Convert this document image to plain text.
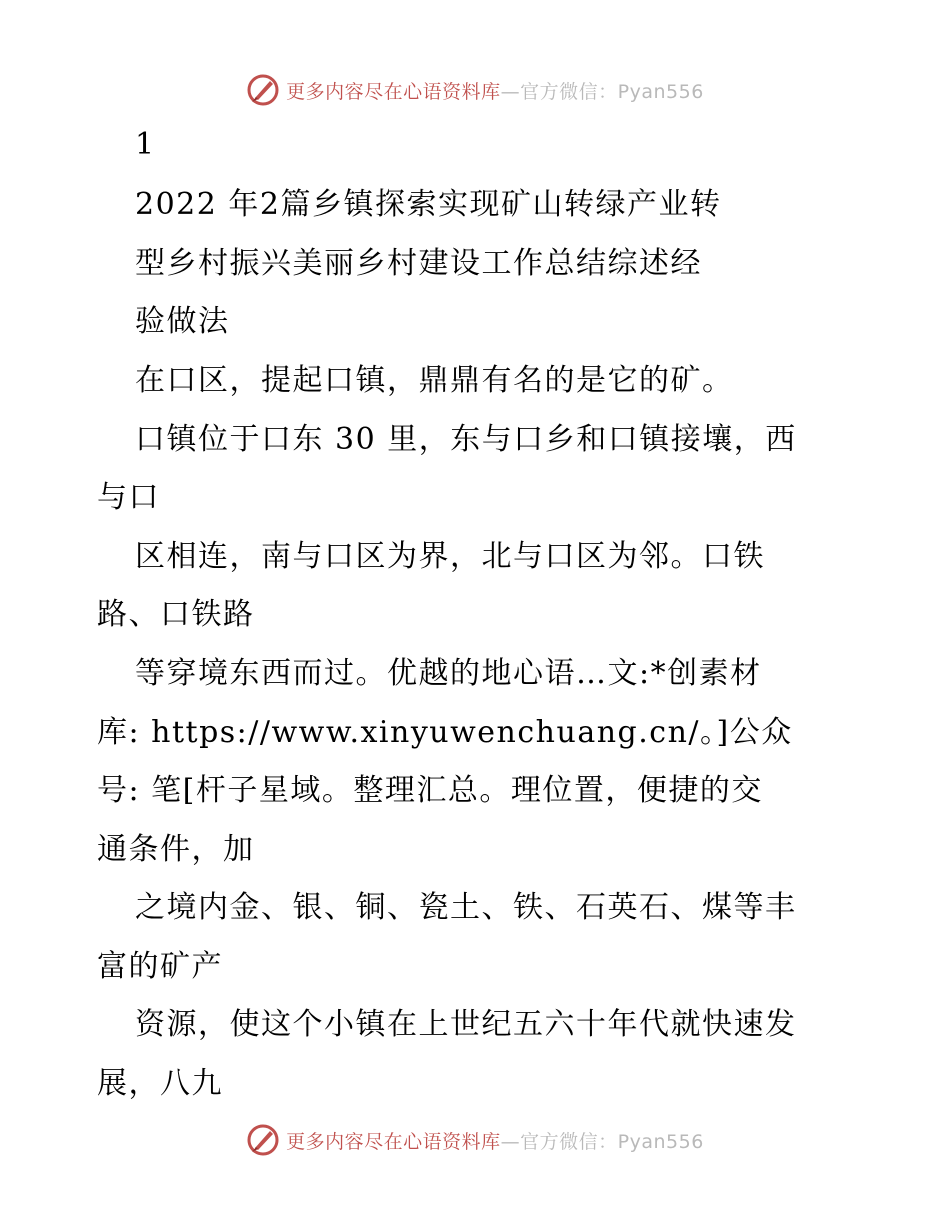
更多内容尽在心语资料库—官方微信：Pyan556
1
2022 年2篇乡镇探索实现矿山转绿产业转
型乡村振兴美丽乡村建设工作总结综述经
验做法
在口区，提起口镇，鼎鼎有名的是它的矿。
口镇位于口东 30 里，东与口乡和口镇接壤，西
与口
区相连，南与口区为界，北与口区为邻。口铁
路、口铁路
等穿境东西而过。优越的地心语…文:*创素材
库: https://www.xinyuwenchuang.cn/。]公众
号: 笔[杆子星域。整理汇总。理位置，便捷的交
通条件，加
之境内金、银、铜、瓷土、铁、石英石、煤等丰
富的矿产
资源，使这个小镇在上世纪五六十年代就快速发
展，八九
更多内容尽在心语资料库—官方微信：Pyan556
